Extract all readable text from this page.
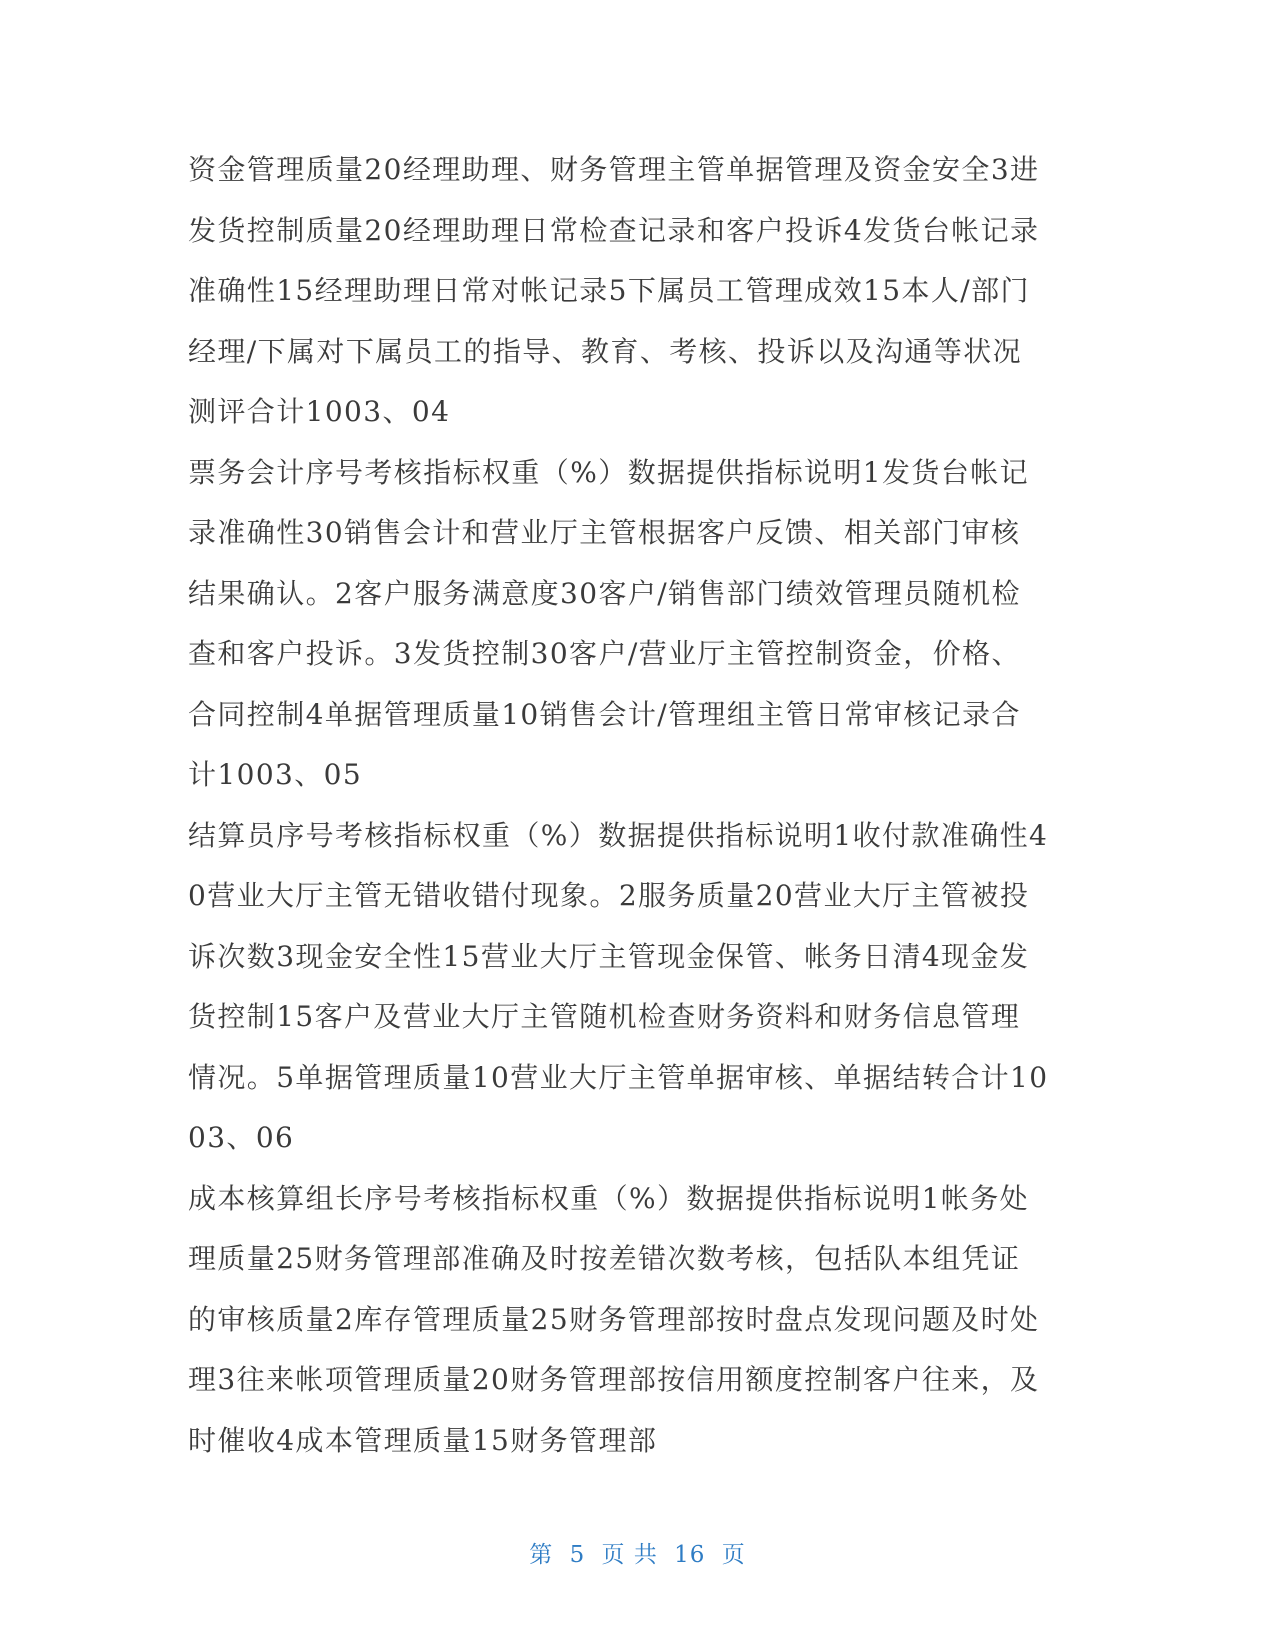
资金管理质量20经理助理、财务管理主管单据管理及资金安全3进
发货控制质量20经理助理日常检查记录和客户投诉4发货台帐记录
准确性15经理助理日常对帐记录5下属员工管理成效15本人/部门
经理/下属对下属员工的指导、教育、考核、投诉以及沟通等状况
测评合计1003、04
票务会计序号考核指标权重（%）数据提供指标说明1发货台帐记
录准确性30销售会计和营业厅主管根据客户反馈、相关部门审核
结果确认。2客户服务满意度30客户/销售部门绩效管理员随机检
查和客户投诉。3发货控制30客户/营业厅主管控制资金，价格、
合同控制4单据管理质量10销售会计/管理组主管日常审核记录合
计1003、05
结算员序号考核指标权重（%）数据提供指标说明1收付款准确性4
0营业大厅主管无错收错付现象。2服务质量20营业大厅主管被投
诉次数3现金安全性15营业大厅主管现金保管、帐务日清4现金发
货控制15客户及营业大厅主管随机检查财务资料和财务信息管理
情况。5单据管理质量10营业大厅主管单据审核、单据结转合计10
03、06
成本核算组长序号考核指标权重（%）数据提供指标说明1帐务处
理质量25财务管理部准确及时按差错次数考核，包括队本组凭证
的审核质量2库存管理质量25财务管理部按时盘点发现问题及时处
理3往来帐项管理质量20财务管理部按信用额度控制客户往来，及
时催收4成本管理质量15财务管理部
第 5 页 共 16 页
